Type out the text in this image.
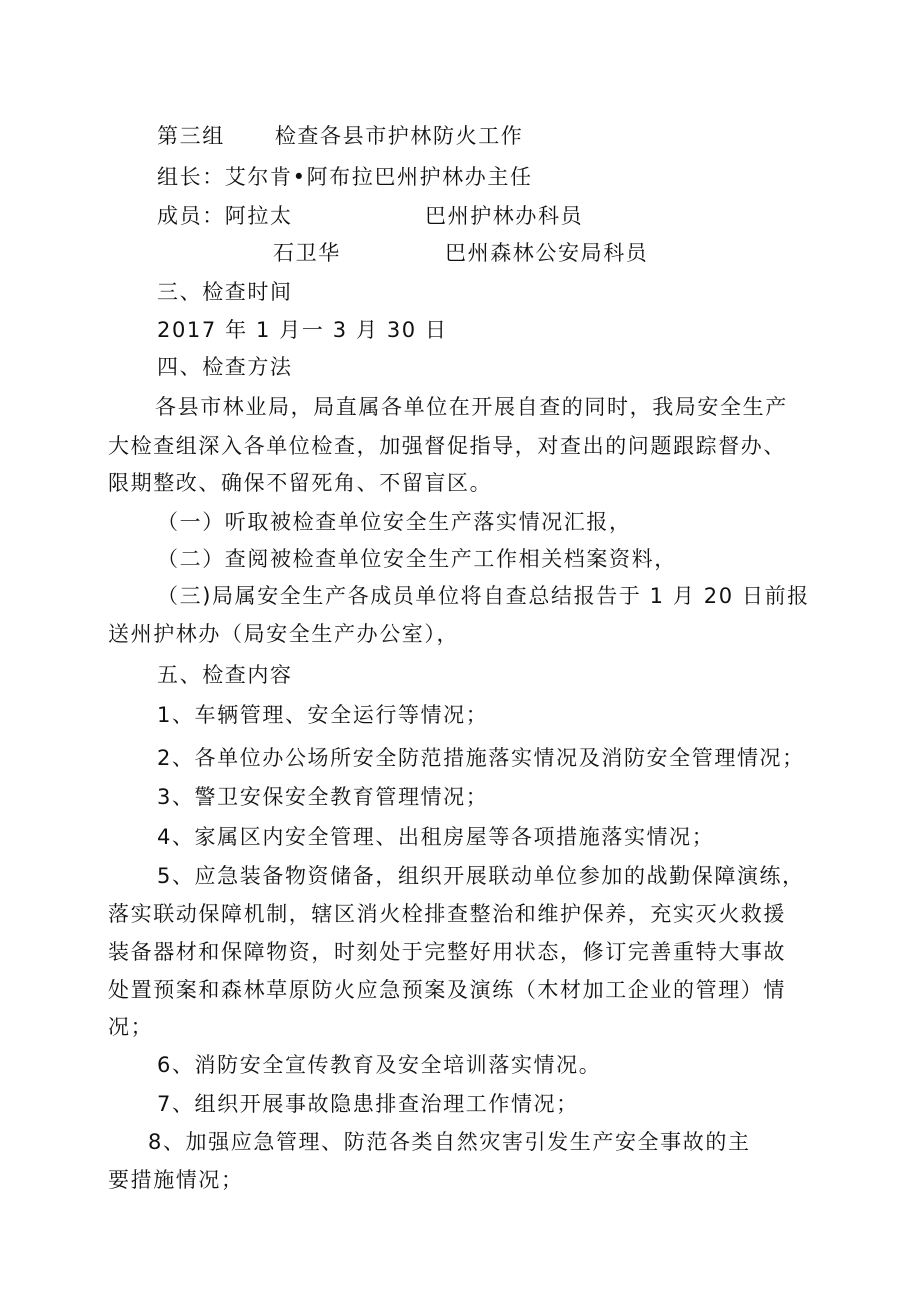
第三组 检查各县市护林防火工作
组长：艾尔肯•阿布拉巴州护林办主任
成员：阿拉太	巴州护林办科员
石卫华	巴州森林公安局科员
三、检查时间
2017 年 1 月一 3 月 30 日
四、检查方法
各县市林业局，局直属各单位在开展自查的同时，我局安全生产
大检查组深入各单位检查，加强督促指导，对查出的问题跟踪督办、
限期整改、确保不留死角、不留盲区。
（一）听取被检查单位安全生产落实情况汇报，
（二）查阅被检查单位安全生产工作相关档案资料，
（三)局属安全生产各成员单位将自查总结报告于 1 月 20 日前报
送州护林办（局安全生产办公室），
五、检查内容
1、车辆管理、安全运行等情况；
2、各单位办公场所安全防范措施落实情况及消防安全管理情况；
3、警卫安保安全教育管理情况；
4、家属区内安全管理、出租房屋等各项措施落实情况；
5、应急装备物资储备，组织开展联动单位参加的战勤保障演练，
落实联动保障机制，辖区消火栓排查整治和维护保养，充实灭火救援
装备器材和保障物资，时刻处于完整好用状态，修订完善重特大事故
处置预案和森林草原防火应急预案及演练（木材加工企业的管理）情
况；
6、消防安全宣传教育及安全培训落实情况。
7、组织开展事故隐患排查治理工作情况；
8、加强应急管理、防范各类自然灾害引发生产安全事故的主
要措施情况；
